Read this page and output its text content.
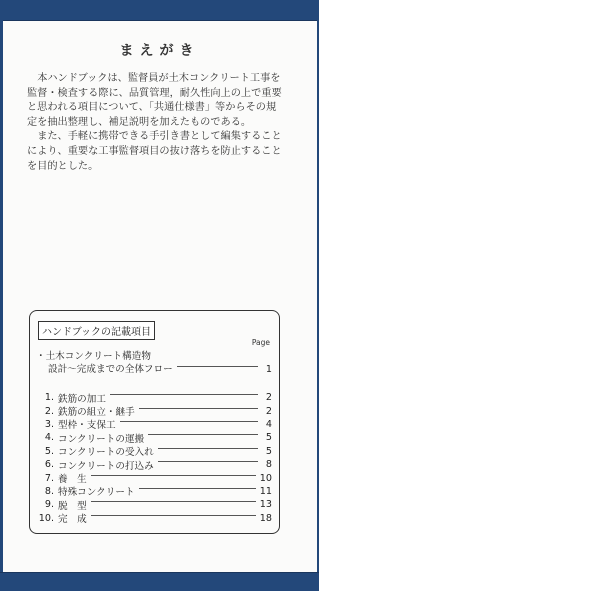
まえがき

本ハンドブックは、監督員が土木コンクリート工事を監督・検査する際に、品質管理，耐久性向上の上で重要と思われる項目について、「共通仕様書」等からその規定を抽出整理し、補足説明を加えたものである。

また、手軽に携帯できる手引き書として編集することにより、重要な工事監督項目の抜け落ちを防止することを目的とした。

ハンドブックの記載項目
Page
・土木コンクリート構造物
設計～完成までの全体フロー	1
1. 鉄筋の加工	2
2. 鉄筋の組立・継手	2
3. 型枠・支保工	4
4. コンクリートの運搬	5
5. コンクリートの受入れ	5
6. コンクリートの打込み	8
7. 養　生	10
8. 特殊コンクリート	11
9. 脱　型	13
10. 完　成	18
